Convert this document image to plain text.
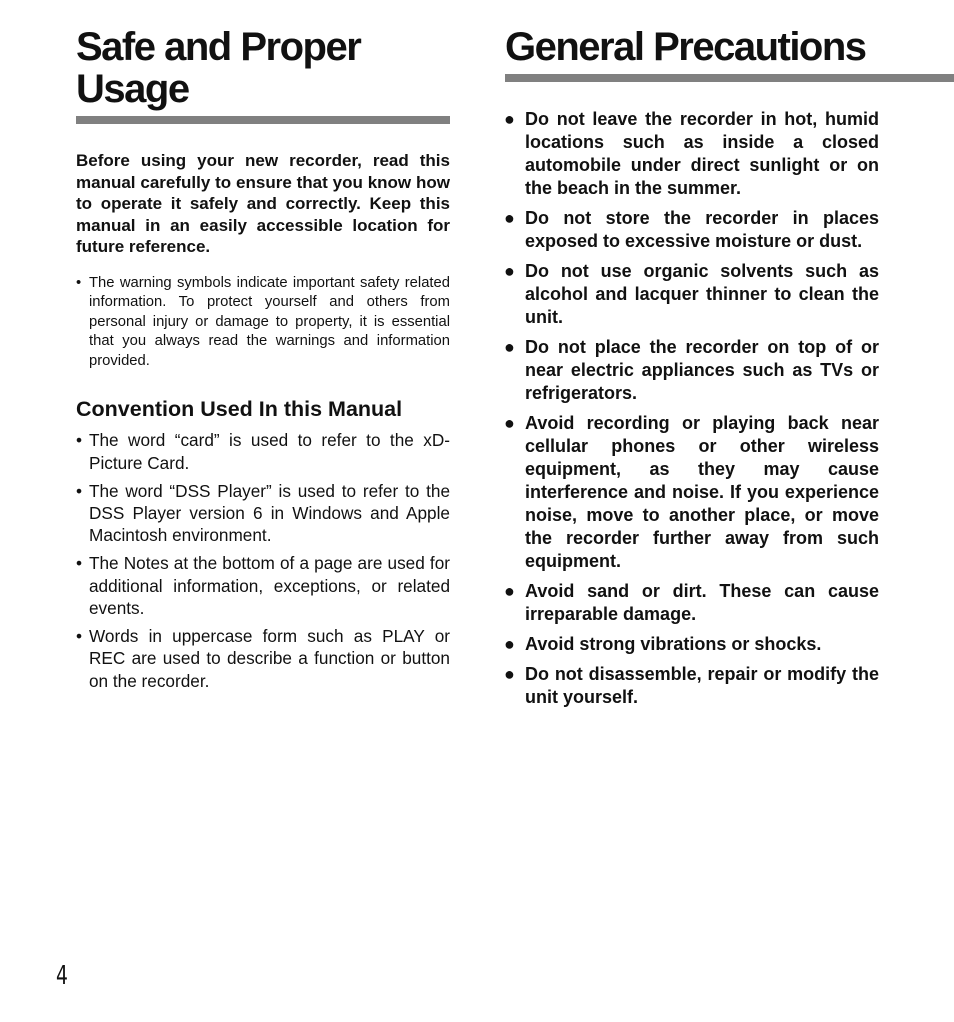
Safe and Proper
Usage

Before using your new recorder, read this manual carefully to ensure that you know how to operate it safely and correctly. Keep this manual in an easily accessible location for future reference.

• The warning symbols indicate important safety related information. To protect yourself and others from personal injury or damage to property, it is essential that you always read the warnings and information provided.
Convention Used In this Manual
• The word “card” is used to refer to the xD-Picture Card.
• The word “DSS Player” is used to refer to the DSS Player version 6 in Windows and Apple Macintosh environment.
• The Notes at the bottom of a page are used for additional information, exceptions, or related events.
• Words in uppercase form such as PLAY or REC are used to describe a function or button on the recorder.
General Precautions
● Do not leave the recorder in hot, humid locations such as inside a closed automobile under direct sunlight or on the beach in the summer.
● Do not store the recorder in places exposed to excessive moisture or dust.
● Do not use organic solvents such as alcohol and lacquer thinner to clean the unit.
● Do not place the recorder on top of or near electric appliances such as TVs or refrigerators.
● Avoid recording or playing back near cellular phones or other wireless equipment, as they may cause interference and noise. If you experience noise, move to another place, or move the recorder further away from such equipment.
● Avoid sand or dirt. These can cause irreparable damage.
● Avoid strong vibrations or shocks.
● Do not disassemble, repair or modify the unit yourself.
4
